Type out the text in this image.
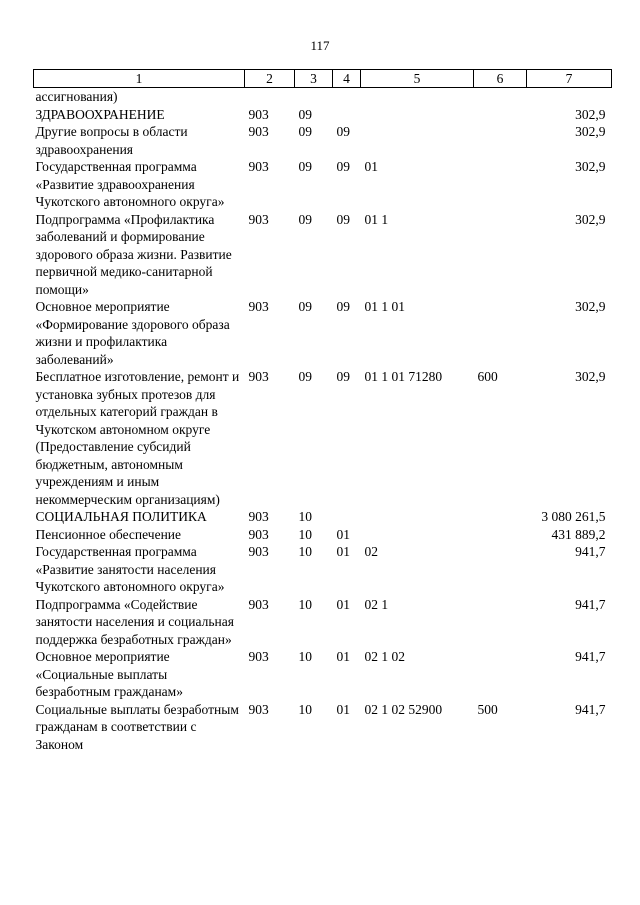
117
1	2	3	4	5	6	7
ассигнования)						
ЗДРАВООХРАНЕНИЕ	903	09				302,9
Другие вопросы в области здравоохранения	903	09	09			302,9
Государственная программа «Развитие здравоохранения Чукотского автономного округа»	903	09	09	01		302,9
Подпрограмма «Профилактика заболеваний и формирование здорового образа жизни. Развитие первичной медико-санитарной помощи»	903	09	09	01 1		302,9
Основное мероприятие «Формирование здорового образа жизни и профилактика заболеваний»	903	09	09	01 1 01		302,9
Бесплатное изготовление, ремонт и установка зубных протезов для отдельных категорий граждан в Чукотском автономном округе (Предоставление субсидий бюджетным, автономным учреждениям и иным некоммерческим организациям)	903	09	09	01 1 01 71280	600	302,9
СОЦИАЛЬНАЯ ПОЛИТИКА	903	10				3 080 261,5
Пенсионное обеспечение	903	10	01			431 889,2
Государственная программа «Развитие занятости населения Чукотского автономного округа»	903	10	01	02		941,7
Подпрограмма «Содействие занятости населения и социальная поддержка безработных граждан»	903	10	01	02 1		941,7
Основное мероприятие «Социальные выплаты безработным гражданам»	903	10	01	02 1 02		941,7
Социальные выплаты безработным гражданам в соответствии с Законом	903	10	01	02 1 02 52900	500	941,7
